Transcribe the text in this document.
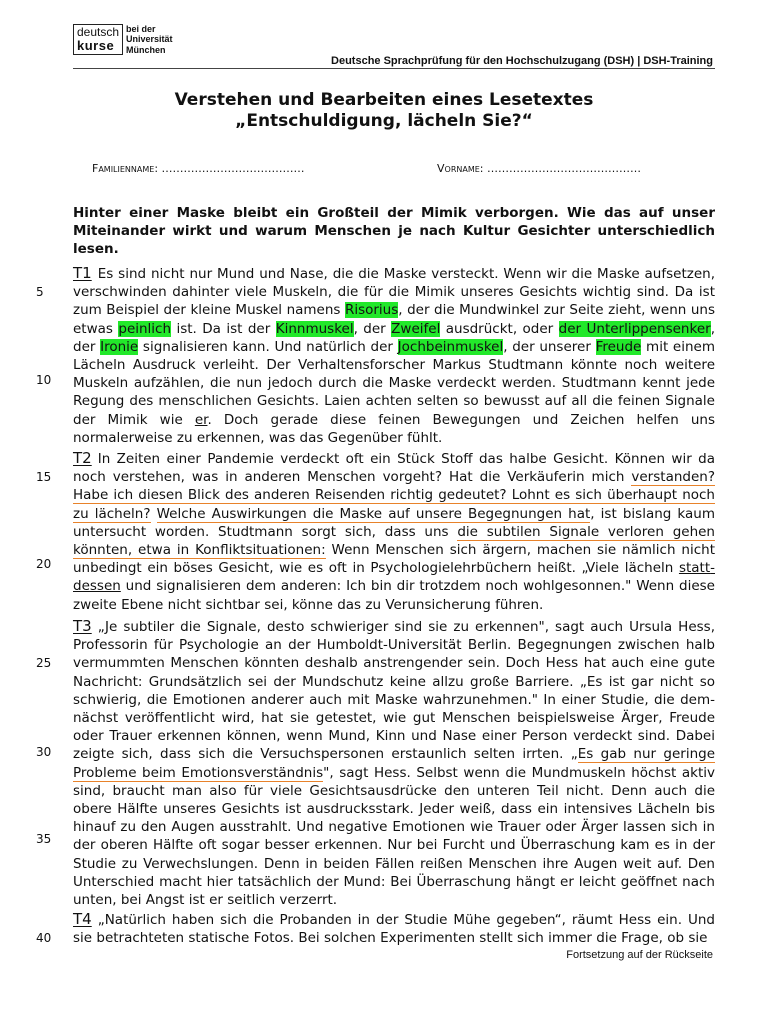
deutsch
kurse
bei der
Universität
München
Deutsche Sprachprüfung für den Hochschulzugang (DSH) | DSH-Training
Verstehen und Bearbeiten eines Lesetextes
„Entschuldigung, lächeln Sie?“
Familienname: …………………………………	Vorname: ……………………………………
Hinter einer Maske bleibt ein Großteil der Mimik verborgen. Wie das auf unser Miteinander wirkt und warum Menschen je nach Kultur Gesichter unterschiedlich lesen.

T1 Es sind nicht nur Mund und Nase, die die Maske versteckt. Wenn wir die Maske aufsetzen, verschwinden dahinter viele Muskeln, die für die Mimik unseres Gesichts wichtig sind. Da ist zum Beispiel der kleine Muskel namens Risorius, der die Mundwinkel zur Seite zieht, wenn uns etwas peinlich ist. Da ist der Kinnmuskel, der Zweifel ausdrückt, oder der Unterlippensenker, der Ironie signalisieren kann. Und natürlich der Jochbeinmuskel, der unserer Freude mit einem Lächeln Ausdruck verleiht. Der Verhaltensforscher Markus Studtmann könnte noch weitere Muskeln aufzählen, die nun jedoch durch die Maske verdeckt werden. Studtmann kennt jede Regung des menschlichen Gesichts. Laien achten selten so bewusst auf all die feinen Signale der Mimik wie er. Doch gerade diese feinen Bewegungen und Zeichen helfen uns normalerweise zu erkennen, was das Gegenüber fühlt.

T2 In Zeiten einer Pandemie verdeckt oft ein Stück Stoff das halbe Gesicht. Können wir da noch verstehen, was in anderen Menschen vorgeht? Hat die Verkäuferin mich verstanden? Habe ich diesen Blick des anderen Reisenden richtig gedeutet? Lohnt es sich überhaupt noch zu lächeln? Welche Auswirkungen die Maske auf unsere Begegnungen hat, ist bislang kaum untersucht worden. Studtmann sorgt sich, dass uns die subtilen Signale verloren gehen könnten, etwa in Konfliktsituationen: Wenn Menschen sich ärgern, machen sie nämlich nicht unbedingt ein böses Gesicht, wie es oft in Psychologielehrbüchern heißt. „Viele lächeln stattdessen und signalisieren dem anderen: Ich bin dir trotzdem noch wohlgesonnen." Wenn diese zweite Ebene nicht sichtbar sei, könne das zu Verunsicherung führen.

T3 „Je subtiler die Signale, desto schwieriger sind sie zu erkennen", sagt auch Ursula Hess, Professorin für Psychologie an der Humboldt-Universität Berlin. Begegnungen zwischen halb vermummten Menschen könnten deshalb anstrengender sein. Doch Hess hat auch eine gute Nachricht: Grundsätzlich sei der Mundschutz keine allzu große Barriere. „Es ist gar nicht so schwierig, die Emotionen anderer auch mit Maske wahrzunehmen." In einer Studie, die demnächst veröffentlicht wird, hat sie getestet, wie gut Menschen beispielsweise Ärger, Freude oder Trauer erkennen können, wenn Mund, Kinn und Nase einer Person verdeckt sind. Dabei zeigte sich, dass sich die Versuchspersonen erstaunlich selten irrten. „Es gab nur geringe Probleme beim Emotionsverständnis", sagt Hess. Selbst wenn die Mundmuskeln höchst aktiv sind, braucht man also für viele Gesichtsausdrücke den unteren Teil nicht. Denn auch die obere Hälfte unseres Gesichts ist ausdrucksstark. Jeder weiß, dass ein intensives Lächeln bis hinauf zu den Augen ausstrahlt. Und negative Emotionen wie Trauer oder Ärger lassen sich in der oberen Hälfte oft sogar besser erkennen. Nur bei Furcht und Überraschung kam es in der Studie zu Verwechslungen. Denn in beiden Fällen reißen Menschen ihre Augen weit auf. Den Unterschied macht hier tatsächlich der Mund: Bei Überraschung hängt er leicht geöffnet nach unten, bei Angst ist er seitlich verzerrt.

T4 „Natürlich haben sich die Probanden in der Studie Mühe gegeben“, räumt Hess ein. Und sie betrachteten statische Fotos. Bei solchen Experimenten stellt sich immer die Frage, ob sie

5
10
15
20
25
30
35
40
Fortsetzung auf der Rückseite
